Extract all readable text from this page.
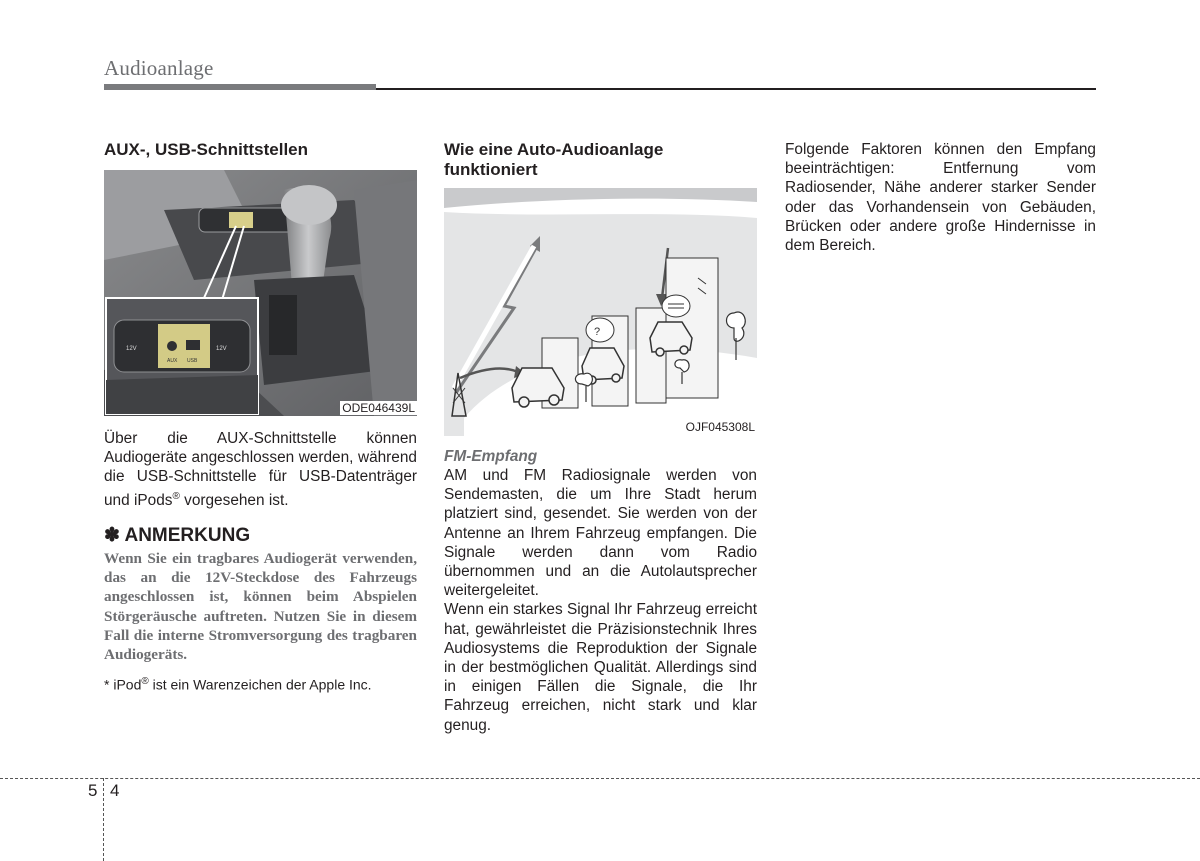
Audioanlage
AUX-, USB-Schnittstellen
12V
AUX USB
12V
ODE046439L

Über die AUX-Schnittstelle können Audiogeräte angeschlossen werden, während die USB-Schnittstelle für USB-Datenträger und iPods® vorgesehen ist.

✽ ANMERKUNG

Wenn Sie ein tragbares Audiogerät verwenden, das an die 12V-Steckdose des Fahrzeugs angeschlossen ist, können beim Abspielen Störgeräusche auftreten. Nutzen Sie in diesem Fall die interne Stromversorgung des tragbaren Audiogeräts.

* iPod® ist ein Warenzeichen der Apple Inc.

Wie eine Auto-Audioanlage funktioniert
?
OJF045308L

FM-Empfang

AM und FM Radiosignale werden von Sendemasten, die um Ihre Stadt herum platziert sind, gesendet. Sie werden von der Antenne an Ihrem Fahrzeug empfangen. Die Signale werden dann vom Radio übernommen und an die Autolautsprecher weitergeleitet.

Wenn ein starkes Signal Ihr Fahrzeug erreicht hat, gewährleistet die Präzisionstechnik Ihres Audiosystems die Reproduktion der Signale in der bestmöglichen Qualität. Allerdings sind in einigen Fällen die Signale, die Ihr Fahrzeug erreichen, nicht stark und klar genug.

Folgende Faktoren können den Empfang beeinträchtigen: Entfernung vom Radiosender, Nähe anderer starker Sender oder das Vorhandensein von Gebäuden, Brücken oder andere große Hindernisse in dem Bereich.

5 4
